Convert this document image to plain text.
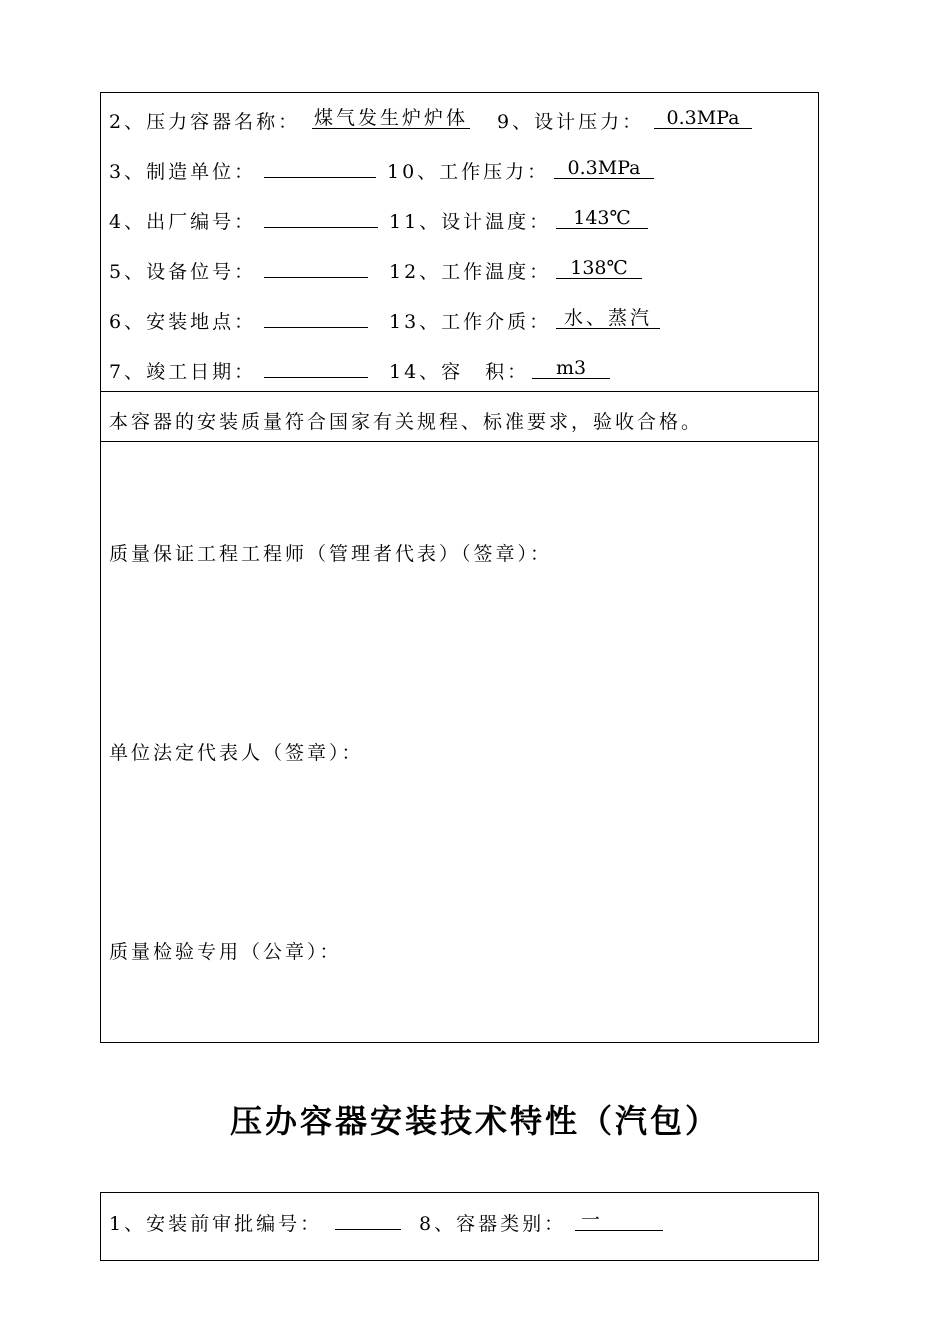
2、压力容器名称： 煤气发生炉炉体 9、设计压力：	0.3MPa
3、制造单位：	10、工作压力： 0.3MPa
4、出厂编号：	11、设计温度：	143℃
5、设备位号：	12、工作温度：	138℃
6、安装地点：	13、工作介质： 水、蒸汽
7、竣工日期：	14、容　积：	m3
本容器的安装质量符合国家有关规程、标准要求，验收合格。
质量保证工程工程师（管理者代表）（签章）：
单位法定代表人（签章）：
质量检验专用（公章）：
压办容器安装技术特性（汽包）
1、安装前审批编号：	8、容器类别： 一
